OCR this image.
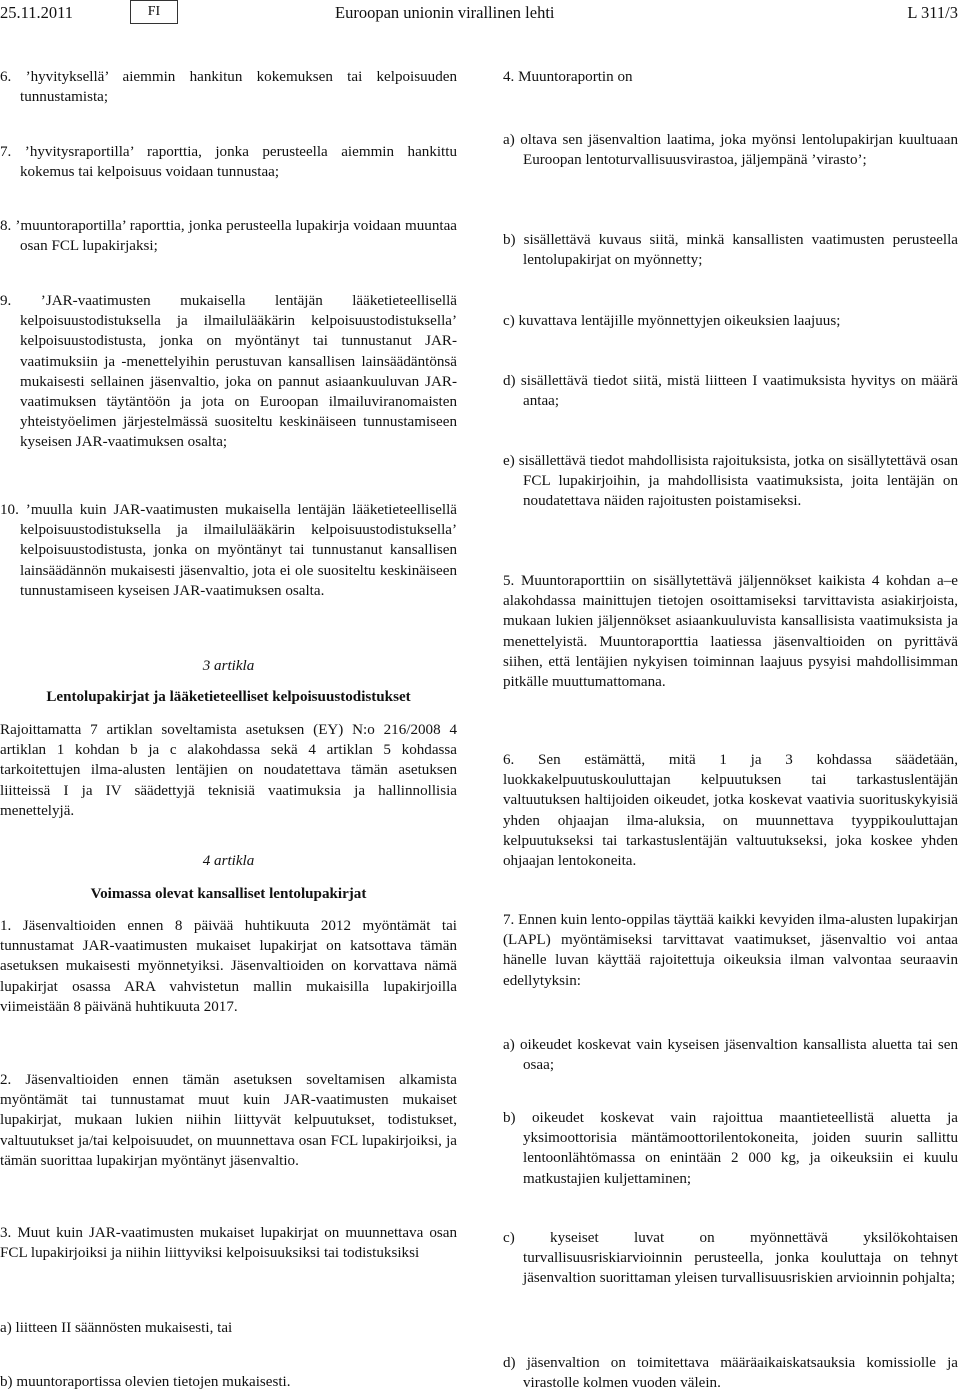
25.11.2011	FI	Euroopan unionin virallinen lehti	L 311/3
6. ’hyvityksellä’ aiemmin hankitun kokemuksen tai kelpoisuuden tunnustamista;
7. ’hyvitysraportilla’ raporttia, jonka perusteella aiemmin hankittu kokemus tai kelpoisuus voidaan tunnustaa;
8. ’muuntoraportilla’ raporttia, jonka perusteella lupakirja voidaan muuntaa osan FCL lupakirjaksi;
9. ’JAR-vaatimusten mukaisella lentäjän lääketieteellisellä kelpoisuustodistuksella ja ilmailulääkärin kelpoisuustodistuksella’ kelpoisuustodistusta, jonka on myöntänyt tai tunnustanut JAR-vaatimuksiin ja -menettelyihin perustuvan kansallisen lainsäädäntönsä mukaisesti sellainen jäsenvaltio, joka on pannut asiaankuuluvan JAR-vaatimuksen täytäntöön ja jota on Euroopan ilmailuviranomaisten yhteistyöelimen järjestelmässä suositeltu keskinäiseen tunnustamiseen kyseisen JAR-vaatimuksen osalta;
10. ’muulla kuin JAR-vaatimusten mukaisella lentäjän lääketieteellisellä kelpoisuustodistuksella ja ilmailulääkärin kelpoisuustodistuksella’ kelpoisuustodistusta, jonka on myöntänyt tai tunnustanut kansallisen lainsäädännön mukaisesti jäsenvaltio, jota ei ole suositeltu keskinäiseen tunnustamiseen kyseisen JAR-vaatimuksen osalta.
3 artikla
Lentolupakirjat ja lääketieteelliset kelpoisuustodistukset
Rajoittamatta 7 artiklan soveltamista asetuksen (EY) N:o 216/2008 4 artiklan 1 kohdan b ja c alakohdassa sekä 4 artiklan 5 kohdassa tarkoitettujen ilma-alusten lentäjien on noudatettava tämän asetuksen liitteissä I ja IV säädettyjä teknisiä vaatimuksia ja hallinnollisia menettelyjä.
4 artikla
Voimassa olevat kansalliset lentolupakirjat
1. Jäsenvaltioiden ennen 8 päivää huhtikuuta 2012 myöntämät tai tunnustamat JAR-vaatimusten mukaiset lupakirjat on katsottava tämän asetuksen mukaisesti myönnetyiksi. Jäsenvaltioiden on korvattava nämä lupakirjat osassa ARA vahvistetun mallin mukaisilla lupakirjoilla viimeistään 8 päivänä huhtikuuta 2017.
2. Jäsenvaltioiden ennen tämän asetuksen soveltamisen alkamista myöntämät tai tunnustamat muut kuin JAR-vaatimusten mukaiset lupakirjat, mukaan lukien niihin liittyvät kelpuutukset, todistukset, valtuutukset ja/tai kelpoisuudet, on muunnettava osan FCL lupakirjoiksi, ja tämän suorittaa lupakirjan myöntänyt jäsenvaltio.
3. Muut kuin JAR-vaatimusten mukaiset lupakirjat on muunnettava osan FCL lupakirjoiksi ja niihin liittyviksi kelpoisuuksiksi tai todistuksiksi
a) liitteen II säännösten mukaisesti, tai
b) muuntoraportissa olevien tietojen mukaisesti.
4. Muuntoraportin on
a) oltava sen jäsenvaltion laatima, joka myönsi lentolupakirjan kuultuaan Euroopan lentoturvallisuusvirastoa, jäljempänä ’virasto’;
b) sisällettävä kuvaus siitä, minkä kansallisten vaatimusten perusteella lentolupakirjat on myönnetty;
c) kuvattava lentäjille myönnettyjen oikeuksien laajuus;
d) sisällettävä tiedot siitä, mistä liitteen I vaatimuksista hyvitys on määrä antaa;
e) sisällettävä tiedot mahdollisista rajoituksista, jotka on sisällytettävä osan FCL lupakirjoihin, ja mahdollisista vaatimuksista, joita lentäjän on noudatettava näiden rajoitusten poistamiseksi.
5. Muuntoraporttiin on sisällytettävä jäljennökset kaikista 4 kohdan a–e alakohdassa mainittujen tietojen osoittamiseksi tarvittavista asiakirjoista, mukaan lukien jäljennökset asiaankuuluvista kansallisista vaatimuksista ja menettelyistä. Muuntoraporttia laatiessa jäsenvaltioiden on pyrittävä siihen, että lentäjien nykyisen toiminnan laajuus pysyisi mahdollisimman pitkälle muuttumattomana.
6. Sen estämättä, mitä 1 ja 3 kohdassa säädetään, luokkakelpuutuskouluttajan kelpuutuksen tai tarkastuslentäjän valtuutuksen haltijoiden oikeudet, jotka koskevat vaativia suorituskykyisiä yhden ohjaajan ilma-aluksia, on muunnettava tyyppikouluttajan kelpuutukseksi tai tarkastuslentäjän valtuutukseksi, joka koskee yhden ohjaajan lentokoneita.
7. Ennen kuin lento-oppilas täyttää kaikki kevyiden ilma-alusten lupakirjan (LAPL) myöntämiseksi tarvittavat vaatimukset, jäsenvaltio voi antaa hänelle luvan käyttää rajoitettuja oikeuksia ilman valvontaa seuraavin edellytyksin:
a) oikeudet koskevat vain kyseisen jäsenvaltion kansallista aluetta tai sen osaa;
b) oikeudet koskevat vain rajoittua maantieteellistä aluetta ja yksimoottorisia mäntämoottorilentokoneita, joiden suurin sallittu lentoonlähtömassa on enintään 2 000 kg, ja oikeuksiin ei kuulu matkustajien kuljettaminen;
c) kyseiset luvat on myönnettävä yksilökohtaisen turvallisuusriskiarvioinnin perusteella, jonka kouluttaja on tehnyt jäsenvaltion suorittaman yleisen turvallisuusriskien arvioinnin pohjalta;
d) jäsenvaltion on toimitettava määräaikaiskatsauksia komissiolle ja virastolle kolmen vuoden välein.
